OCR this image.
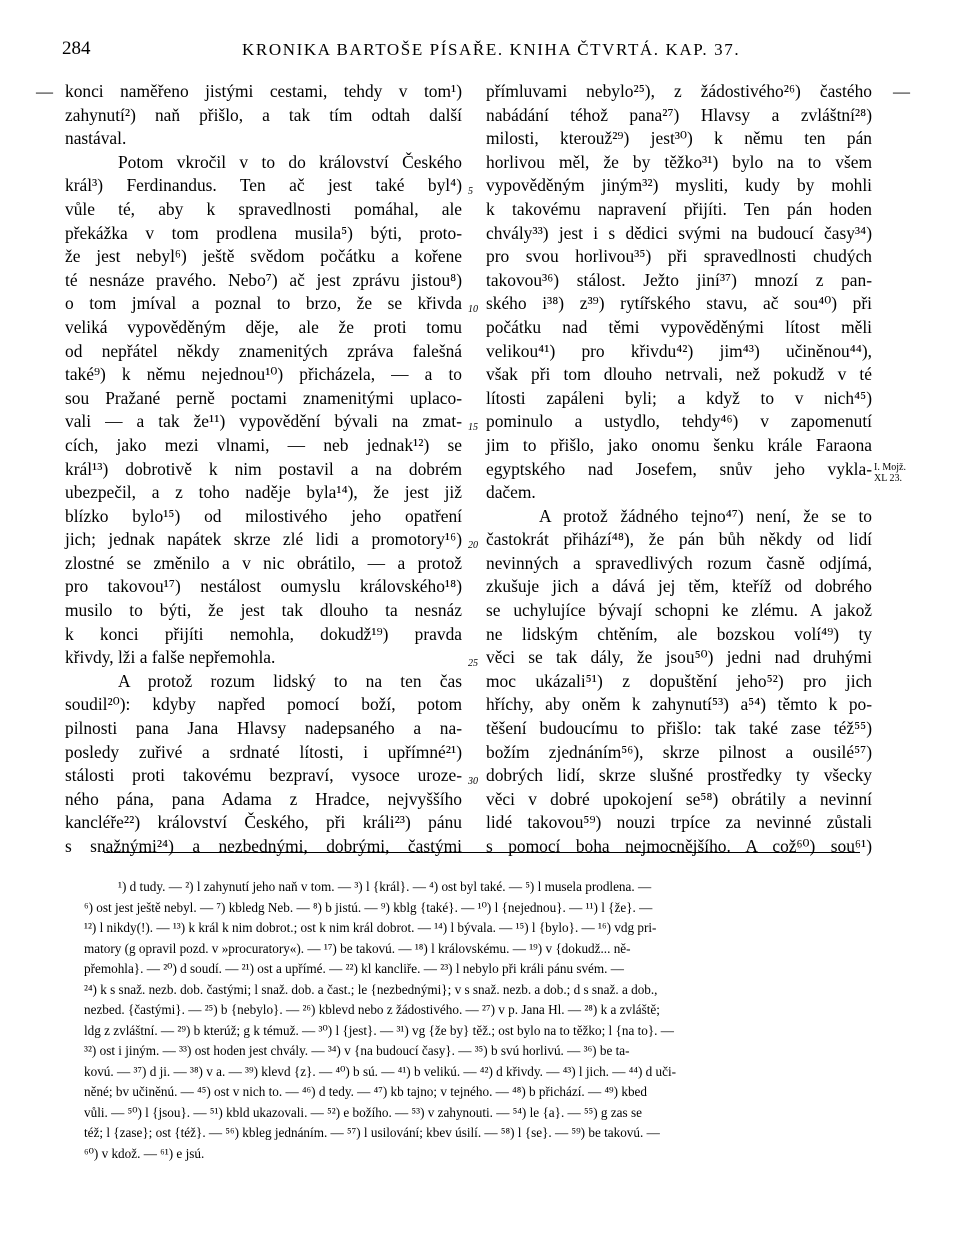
284	KRONIKA BARTOŠE PÍSAŘE. KNIHA ČTVRTÁ. KAP. 37.
—	—
konci naměřeno jistými cestami, tehdy v tom¹)
zahynutí²) naň přišlo, a tak tím odtah další
nastával.
Potom vkročil v to do království Českého
král³) Ferdinandus. Ten ač jest také byl⁴)
vůle té, aby k spravedlnosti pomáhal, ale
překážka v tom prodlena musila⁵) býti, proto-
že jest nebyl⁶) ještě svědom počátku a kořene
té nesnáze pravého. Nebo⁷) ač jest zprávu jistou⁸)
o tom jmíval a poznal to brzo, že se křivda
veliká vypověděným děje, ale že proti tomu
od nepřátel někdy znamenitých zpráva falešná
také⁹) k němu nejednou¹⁰) přicházela, — a to
sou Pražané perně poctami znamenitými uplaco-
vali — a tak že¹¹) vypovědění bývali na zmat-
cích, jako mezi vlnami, — neb jednak¹²) se
král¹³) dobrotivě k nim postavil a na dobrém
ubezpečil, a z toho naděje byla¹⁴), že jest již
blízko bylo¹⁵) od milostivého jeho opatření
jich; jednak napátek skrze zlé lidi a promotory¹⁶)
zlostné se změnilo a v nic obrátilo, — a protož
pro takovou¹⁷) nestálost oumyslu královského¹⁸)
musilo to býti, že jest tak dlouho ta nesnáz
k konci přijíti nemohla, dokudž¹⁹) pravda
křivdy, lži a falše nepřemohla.
A protož rozum lidský to na ten čas
soudil²⁰): kdyby napřed pomocí boží, potom
pilnosti pana Jana Hlavsy nadepsaného a na-
posledy zuřivé a srdnaté lítosti, i upřímné²¹)
stálosti proti takovému bezpraví, vysoce uroze-
ného pána, pana Adama z Hradce, nejvyššího
kancléře²²) království Českého, při králi²³) pánu
s snažnými²⁴) a nezbednými, dobrými, častými
přímluvami nebylo²⁵), z žádostivého²⁶) častého
nabádání téhož pana²⁷) Hlavsy a zvláštní²⁸)
milosti, kterouž²⁹) jest³⁰) k němu ten pán
horlivou měl, že by těžko³¹) bylo na to všem
vypověděným jiným³²) mysliti, kudy by mohli
k takovému napravení přijíti. Ten pán hoden
chvály³³) jest i s dědici svými na budoucí časy³⁴)
pro svou horlivou³⁵) při spravedlnosti chudých
takovou³⁶) stálost. Ježto jiní³⁷) mnozí z pan-
ského i³⁸) z³⁹) rytířského stavu, ač sou⁴⁰) při
počátku nad těmi vypověděnými lítost měli
velikou⁴¹) pro křivdu⁴²) jim⁴³) učiněnou⁴⁴),
však při tom dlouho netrvali, než pokudž v té
lítosti zapáleni byli; a když to v nich⁴⁵)
pominulo a ustydlo, tehdy⁴⁶) v zapomenutí
jim to přišlo, jako onomu šenku krále Faraona
egyptského nad Josefem, snův jeho vykla-
dačem.
A protož žádného tejno⁴⁷) není, že se to
častokrát přihází⁴⁸), že pán bůh někdy od lidí
nevinných a spravedlivých rozum časně odjímá,
zkušuje jich a dává jej těm, kteříž od dobrého
se uchylujíce bývají schopni ke zlému. A jakož
ne lidským chtěním, ale bozskou volí⁴⁹) ty
věci se tak dály, že jsou⁵⁰) jedni nad druhými
moc ukázali⁵¹) z dopuštění jeho⁵²) pro jich
hříchy, aby oněm k zahynutí⁵³) a⁵⁴) těmto k po-
těšení budoucímu to přišlo: tak také zase též⁵⁵)
božím zjednáním⁵⁶), skrze pilnost a ousilé⁵⁷)
dobrých lidí, skrze slušné prostředky ty všecky
věci v dobré upokojení se⁵⁸) obrátily a nevinní
lidé takovou⁵⁹) nouzi trpíce za nevinné zůstali
s pomocí boha nejmocnějšího. A což⁶⁰) sou⁶¹)
5
10
15
20
25
30
I. Mojž.
XL 23.
¹) d tudy. — ²) l zahynutí jeho naň v tom. — ³) l {král}. — ⁴) ost byl také. — ⁵) l musela prodlena. —
⁶) ost jest ještě nebyl. — ⁷) kbledg Neb. — ⁸) b jistú. — ⁹) kblg {také}. — ¹⁰) l {nejednou}. — ¹¹) l {že}. —
¹²) l nikdy(!). — ¹³) k král k nim dobrot.; ost k nim král dobrot. — ¹⁴) l bývala. — ¹⁵) l {bylo}. — ¹⁶) vdg pri-
matory (g opravil pozd. v »procuratory«). — ¹⁷) be takovú. — ¹⁸) l královskému. — ¹⁹) v {dokudž... ně-
přemohla}. — ²⁰) d soudí. — ²¹) ost a upřímé. — ²²) kl kancliře. — ²³) l nebylo při králi pánu svém. —
²⁴) k s snaž. nezb. dob. častými; l snaž. dob. a čast.; le {nezbednými}; v s snaž. nezb. a dob.; d s snaž. a dob.,
nezbed. {častými}. — ²⁵) b {nebylo}. — ²⁶) kblevd nebo z žádostivého. — ²⁷) v p. Jana Hl. — ²⁸) k a zvláště;
ldg z zvláštní. — ²⁹) b kterúž; g k témuž. — ³⁰) l {jest}. — ³¹) vg {že by} těž.; ost bylo na to těžko; l {na to}. —
³²) ost i jiným. — ³³) ost hoden jest chvály. — ³⁴) v {na budoucí časy}. — ³⁵) b svú horlivú. — ³⁶) be ta-
kovú. — ³⁷) d ji. — ³⁸) v a. — ³⁹) klevd {z}. — ⁴⁰) b sú. — ⁴¹) b velikú. — ⁴²) d křivdy. — ⁴³) l jich. — ⁴⁴) d uči-
něné; bv učiněnú. — ⁴⁵) ost v nich to. — ⁴⁶) d tedy. — ⁴⁷) kb tajno; v tejného. — ⁴⁸) b přichází. — ⁴⁹) kbed
vůli. — ⁵⁰) l {jsou}. — ⁵¹) kbld ukazovali. — ⁵²) e božího. — ⁵³) v zahynouti. — ⁵⁴) le {a}. — ⁵⁵) g zas se
též; l {zase}; ost {též}. — ⁵⁶) kbleg jednáním. — ⁵⁷) l usilování; kbev úsilí. — ⁵⁸) l {se}. — ⁵⁹) be takovú. —
⁶⁰) v kdož. — ⁶¹) e jsú.
